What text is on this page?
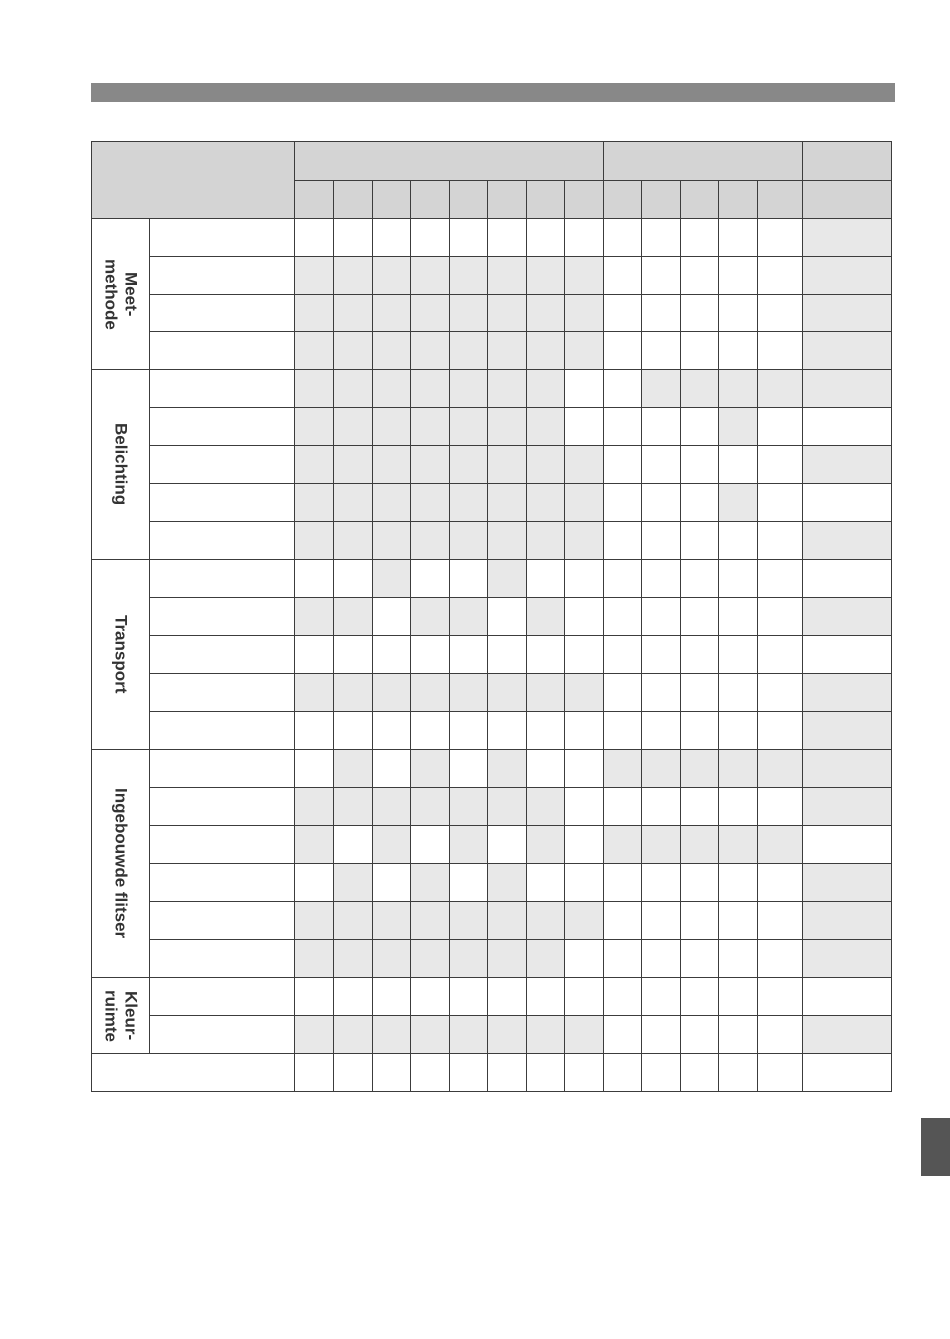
Meet-
methode
Belichting
Transport
Ingebouwde flitser
Kleur-
ruimte
